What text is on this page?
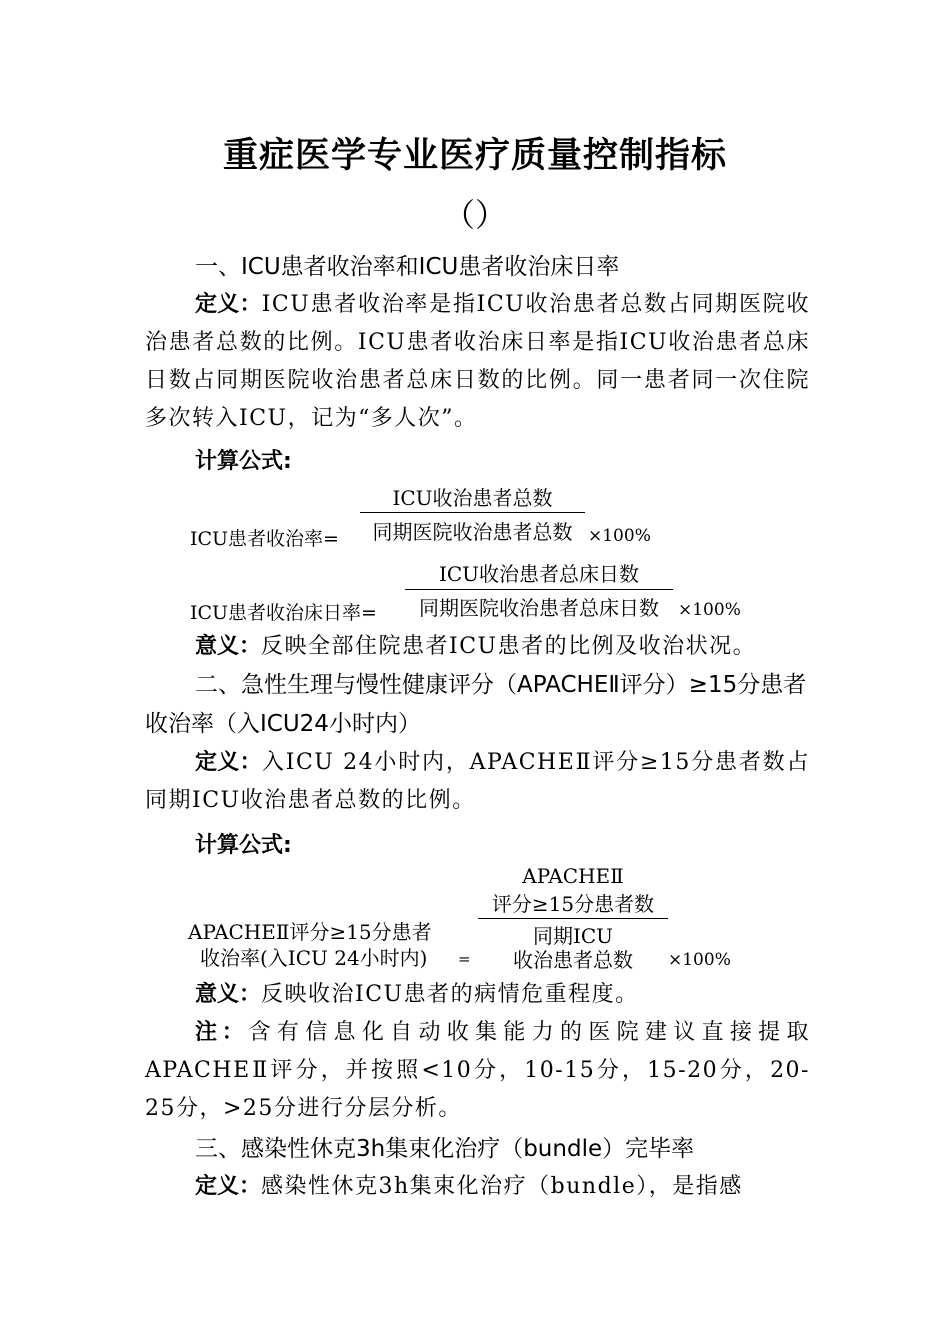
重症医学专业医疗质量控制指标
（）
一、ICU患者收治率和ICU患者收治床日率
定义：ICU患者收治率是指ICU收治患者总数占同期医院收治患者总数的比例。ICU患者收治床日率是指ICU收治患者总床日数占同期医院收治患者总床日数的比例。同一患者同一次住院多次转入ICU，记为“多人次”。
计算公式:
ICU收治患者总数
ICU患者收治率=	同期医院收治患者总数 ×100%
ICU收治患者总床日数
ICU患者收治床日率=	同期医院收治患者总床日数	×100%
意义：反映全部住院患者ICU患者的比例及收治状况。
二、急性生理与慢性健康评分（APACHEⅡ评分）≥15分患者收治率（入ICU24小时内）
定义：入ICU 24小时内，APACHEⅡ评分≥15分患者数占同期ICU收治患者总数的比例。
计算公式:
APACHEⅡ
评分≥15分患者数
同期ICU
收治患者总数
APACHEⅡ评分≥15分患者
收治率(入ICU 24小时内) =	×100%
意义：反映收治ICU患者的病情危重程度。
注：含有信息化自动收集能力的医院建议直接提取APACHEⅡ评分，并按照<10分，10-15分，15-20分，20-25分，>25分进行分层分析。
三、感染性休克3h集束化治疗（bundle）完毕率
定义：感染性休克3h集束化治疗（bundle），是指感
